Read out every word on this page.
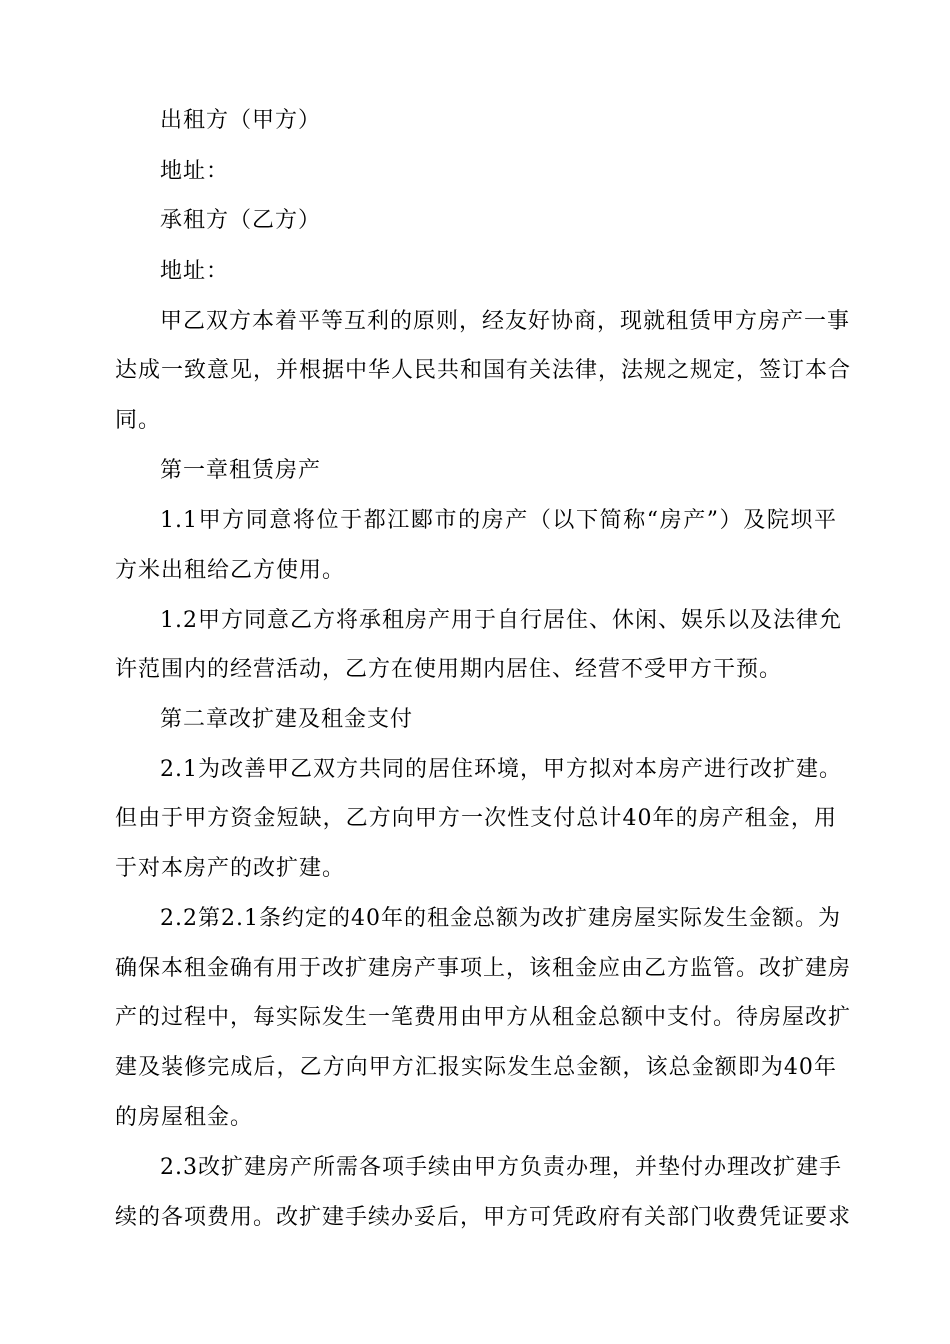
出租方（甲方）
地址：
承租方（乙方）
地址：
甲乙双方本着平等互利的原则，经友好协商，现就租赁甲方房产一事
达成一致意见，并根据中华人民共和国有关法律，法规之规定，签订本合
同。
第一章租赁房产
1.1甲方同意将位于都江郾市的房产（以下简称“房产”）及院坝平
方米出租给乙方使用。
1.2甲方同意乙方将承租房产用于自行居住、休闲、娱乐以及法律允
许范围内的经营活动，乙方在使用期内居住、经营不受甲方干预。
第二章改扩建及租金支付
2.1为改善甲乙双方共同的居住环境，甲方拟对本房产进行改扩建。
但由于甲方资金短缺，乙方向甲方一次性支付总计40年的房产租金，用
于对本房产的改扩建。
2.2第2.1条约定的40年的租金总额为改扩建房屋实际发生金额。为
确保本租金确有用于改扩建房产事项上，该租金应由乙方监管。改扩建房
产的过程中，每实际发生一笔费用由甲方从租金总额中支付。待房屋改扩
建及装修完成后，乙方向甲方汇报实际发生总金额，该总金额即为40年
的房屋租金。
2.3改扩建房产所需各项手续由甲方负责办理，并垫付办理改扩建手
续的各项费用。改扩建手续办妥后，甲方可凭政府有关部门收费凭证要求
